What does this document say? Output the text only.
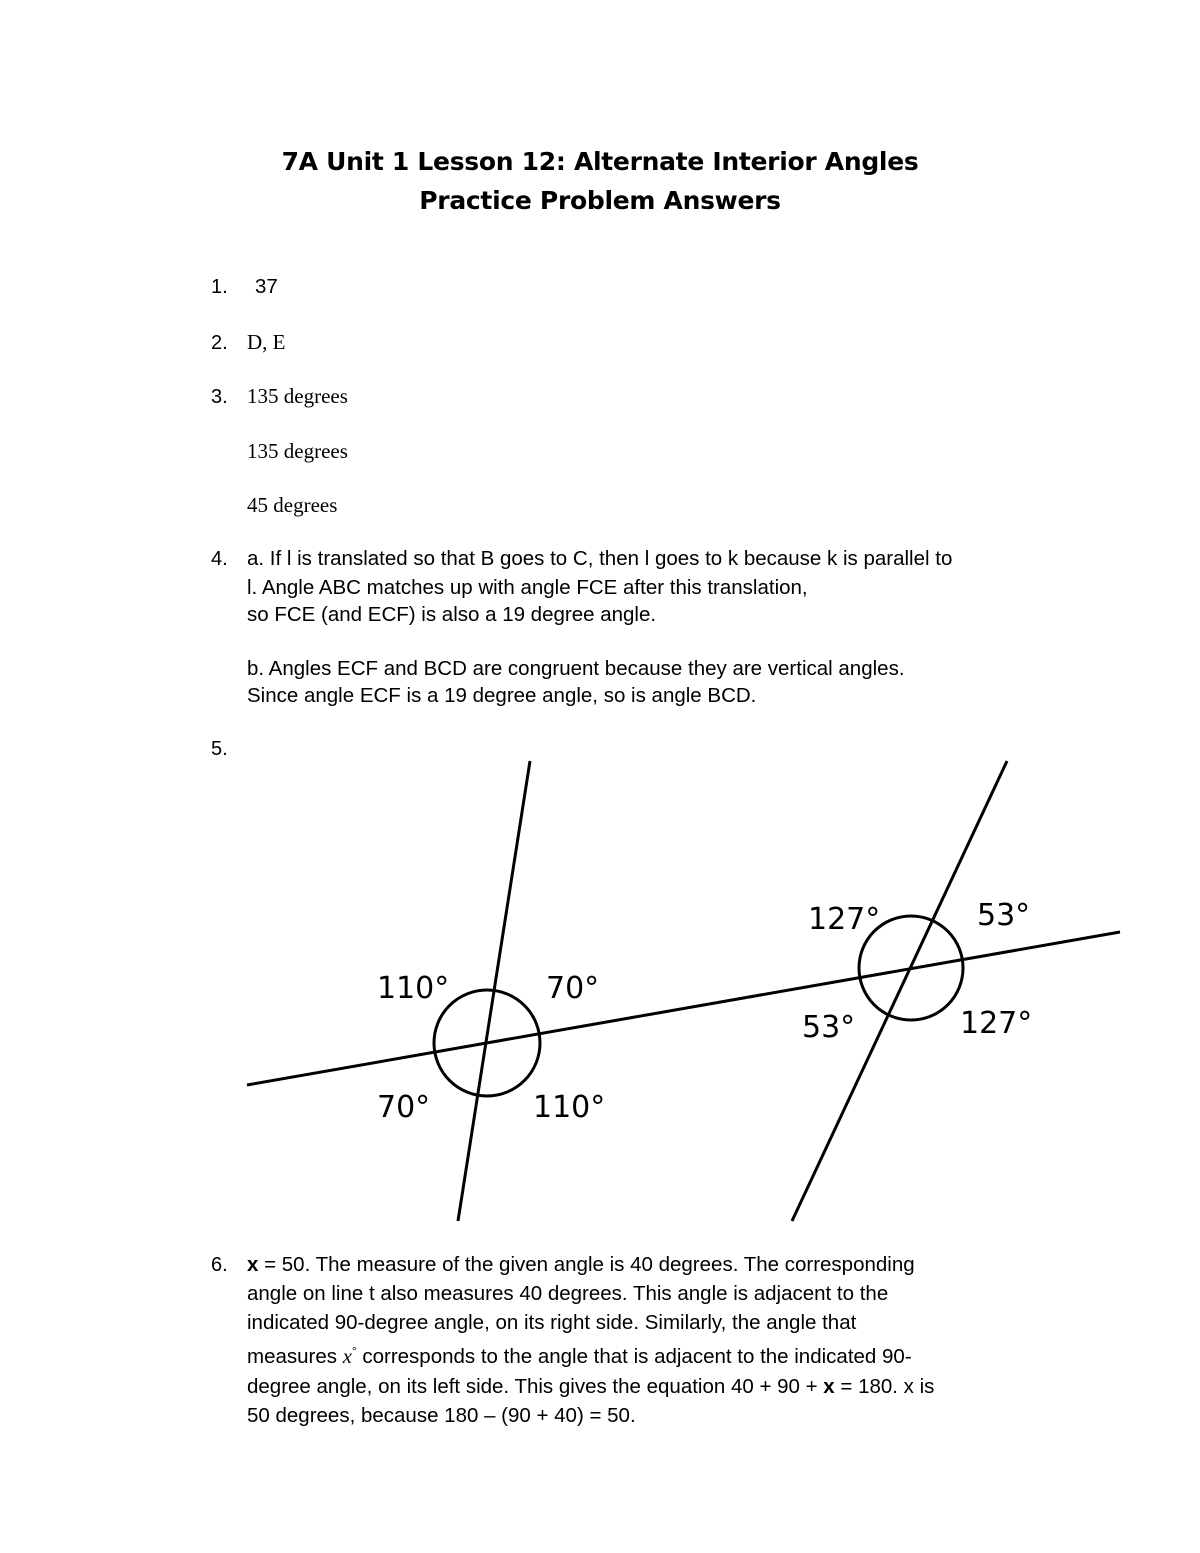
7A Unit 1 Lesson 12: Alternate Interior Angles
Practice Problem Answers
1. 37
2. D, E
3. 135 degrees
135 degrees
45 degrees
4. a. If l is translated so that B goes to C, then l goes to k because k is parallel to
l. Angle ABC matches up with angle FCE after this translation,
so FCE (and ECF) is also a 19 degree angle.
b. Angles ECF and BCD are congruent because they are vertical angles.
Since angle ECF is a 19 degree angle, so is angle BCD.
5.
110°	70°
70°	110°
127°	53°
53°	127°
6. x = 50. The measure of the given angle is 40 degrees. The corresponding
angle on line t also measures 40 degrees. This angle is adjacent to the
indicated 90-degree angle, on its right side. Similarly, the angle that
measures x° corresponds to the angle that is adjacent to the indicated 90-
degree angle, on its left side. This gives the equation 40 + 90 + x = 180. x is
50 degrees, because 180 – (90 + 40) = 50.
